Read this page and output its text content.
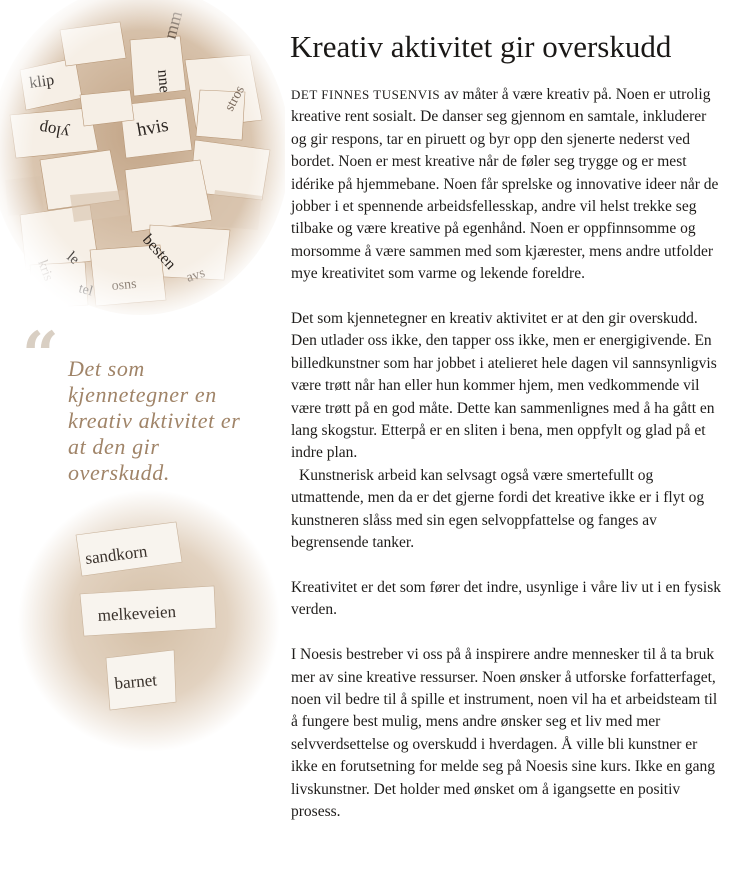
“ Det som kjennetegner en kreativ aktivitet er at den gir overskudd.
sandkorn
melkeveien
barnet
Kreativ aktivitet gir overskudd

DET FINNES TUSENVIS av måter å være kreativ på. Noen er utrolig kreative rent sosialt. De danser seg gjennom en samtale, inkluderer og gir respons, tar en piruett og byr opp den sjenerte nederst ved bordet. Noen er mest kreative når de føler seg trygge og er mest idérike på hjemmebane. Noen får sprelske og innovative ideer når de jobber i et spennende arbeidsfellesskap, andre vil helst trekke seg tilbake og være kreative på egenhånd. Noen er oppfinnsomme og morsomme å være sammen med som kjærester, mens andre utfolder mye kreativitet som varme og lekende foreldre.

Det som kjennetegner en kreativ aktivitet er at den gir overskudd. Den utlader oss ikke, den tapper oss ikke, men er energigivende. En billedkunstner som har jobbet i atelieret hele dagen vil sannsynligvis være trøtt når han eller hun kommer hjem, men vedkommende vil være trøtt på en god måte. Dette kan sammenlignes med å ha gått en lang skogstur. Etterpå er en sliten i bena, men oppfylt og glad på et indre plan.

Kunstnerisk arbeid kan selvsagt også være smertefullt og utmattende, men da er det gjerne fordi det kreative ikke er i flyt og kunstneren slåss med sin egen selvoppfattelse og fanges av begrensende tanker.

Kreativitet er det som fører det indre, usynlige i våre liv ut i en fysisk verden.

I Noesis bestreber vi oss på å inspirere andre mennesker til å ta bruk mer av sine kreative ressurser. Noen ønsker å utforske forfatterfaget, noen vil bedre til å spille et instrument, noen vil ha et arbeidsteam til å fungere best mulig, mens andre ønsker seg et liv med mer selvverdsettelse og overskudd i hverdagen. Å ville bli kunstner er ikke en forutsetning for melde seg på Noesis sine kurs. Ikke en gang livskunstner. Det holder med ønsket om å igangsette en positiv prosess.
